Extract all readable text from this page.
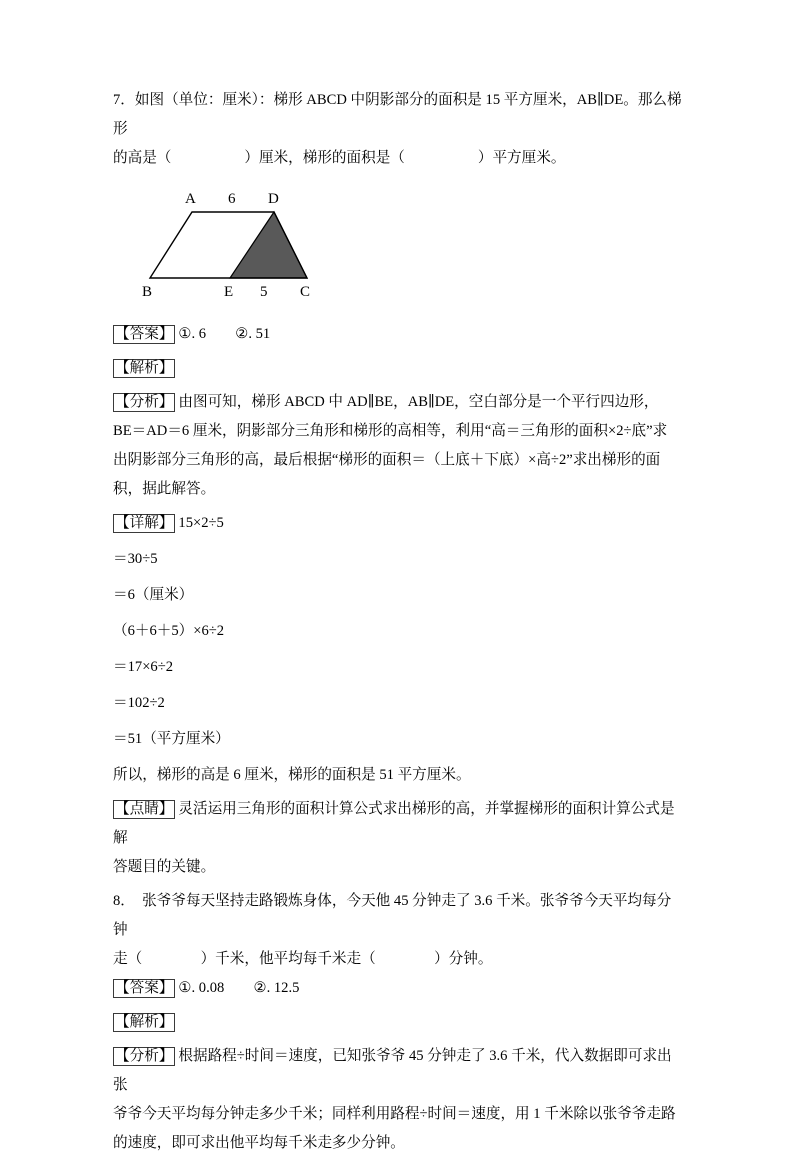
7．如图（单位：厘米）：梯形 ABCD 中阴影部分的面积是 15 平方厘米，AB∥DE。那么梯形

的高是（　　　　　）厘米，梯形的面积是（　　　　　）平方厘米。

A 6 D
B	E 5 C

【答案】 ①. 6　　②. 51

【解析】

【分析】 由图可知，梯形 ABCD 中 AD∥BE，AB∥DE，空白部分是一个平行四边形，

BE＝AD＝6 厘米，阴影部分三角形和梯形的高相等，利用“高＝三角形的面积×2÷底”求

出阴影部分三角形的高，最后根据“梯形的面积＝（上底＋下底）×高÷2”求出梯形的面

积，据此解答。

【详解】 15×2÷5

＝30÷5

＝6（厘米）

（6＋6＋5）×6÷2

＝17×6÷2

＝102÷2

＝51（平方厘米）

所以，梯形的高是 6 厘米，梯形的面积是 51 平方厘米。

【点睛】 灵活运用三角形的面积计算公式求出梯形的高，并掌握梯形的面积计算公式是解

答题目的关键。

8．　张爷爷每天坚持走路锻炼身体，今天他 45 分钟走了 3.6 千米。张爷爷今天平均每分钟

走（　　　　）千米，他平均每千米走（　　　　）分钟。

【答案】 ①. 0.08　　②. 12.5

【解析】

【分析】 根据路程÷时间＝速度，已知张爷爷 45 分钟走了 3.6 千米，代入数据即可求出张

爷爷今天平均每分钟走多少千米；同样利用路程÷时间＝速度，用 1 千米除以张爷爷走路

的速度，即可求出他平均每千米走多少分钟。
